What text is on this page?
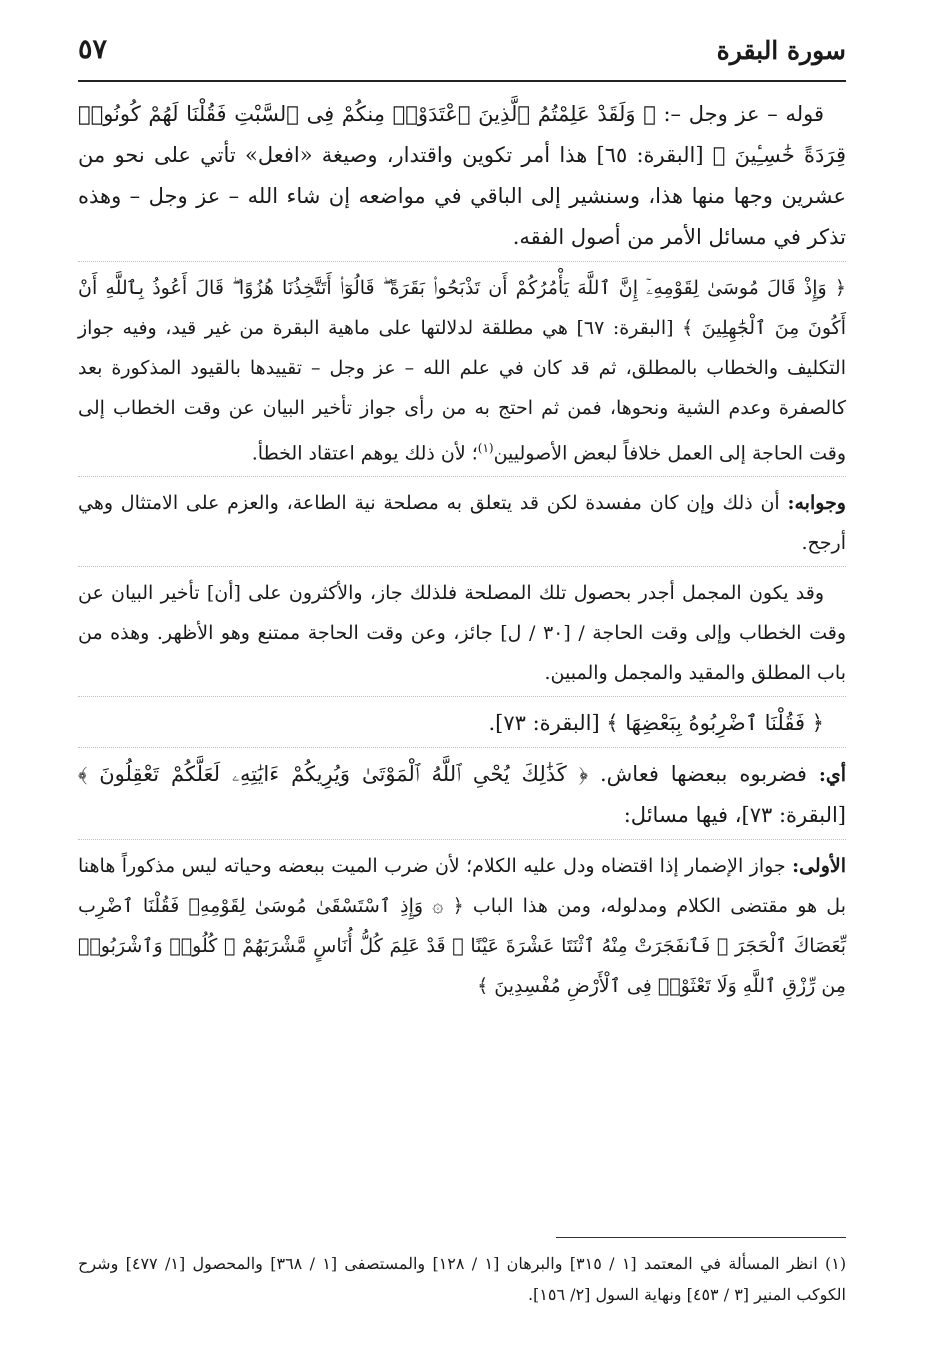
سورة البقرة
٥٧

قوله – عز وجل –: ﴿ وَلَقَدْ عَلِمْتُمُ ٱلَّذِينَ ٱعْتَدَوْا۟ مِنكُمْ فِى ٱلسَّبْتِ فَقُلْنَا لَهُمْ كُونُوا۟ قِرَدَةً خَٰسِـِٔينَ ﴾ [البقرة: ٦٥] هذا أمر تكوين واقتدار، وصيغة «افعل» تأتي على نحو من عشرين وجها منها هذا، وسنشير إلى الباقي في مواضعه إن شاء الله – عز وجل – وهذه تذكر في مسائل الأمر من أصول الفقه.

﴿ وَإِذْ قَالَ مُوسَىٰ لِقَوْمِهِۦٓ إِنَّ ٱللَّهَ يَأْمُرُكُمْ أَن تَذْبَحُوا۟ بَقَرَةً ۖ قَالُوٓا۟ أَتَتَّخِذُنَا هُزُوًا ۖ قَالَ أَعُوذُ بِٱللَّهِ أَنْ أَكُونَ مِنَ ٱلْجَٰهِلِينَ ﴾ [البقرة: ٦٧] هي مطلقة لدلالتها على ماهية البقرة من غير قيد، وفيه جواز التكليف والخطاب بالمطلق، ثم قد كان في علم الله – عز وجل – تقييدها بالقيود المذكورة بعد كالصفرة وعدم الشية ونحوها، فمن ثم احتج به من رأى جواز تأخير البيان عن وقت الخطاب إلى وقت الحاجة إلى العمل خلافاً لبعض الأصوليين$^{(١)}$؛ لأن ذلك يوهم اعتقاد الخطأ.

وجوابه: أن ذلك وإن كان مفسدة لكن قد يتعلق به مصلحة نية الطاعة، والعزم على الامتثال وهي أرجح.

وقد يكون المجمل أجدر بحصول تلك المصلحة فلذلك جاز، والأكثرون على [أن] تأخير البيان عن وقت الخطاب وإلى وقت الحاجة / [٣٠ / ل] جائز، وعن وقت الحاجة ممتنع وهو الأظهر. وهذه من باب المطلق والمقيد والمجمل والمبين.

﴿ فَقُلْنَا ٱضْرِبُوهُ بِبَعْضِهَا ﴾ [البقرة: ٧٣].

أي: فضربوه ببعضها فعاش. ﴿ كَذَٰلِكَ يُحْىِ ٱللَّهُ ٱلْمَوْتَىٰ وَيُرِيكُمْ ءَايَٰتِهِۦ لَعَلَّكُمْ تَعْقِلُونَ ﴾ [البقرة: ٧٣]، فيها مسائل:

الأولى: جواز الإضمار إذا اقتضاه ودل عليه الكلام؛ لأن ضرب الميت ببعضه وحياته ليس مذكوراً هاهنا بل هو مقتضى الكلام ومدلوله، ومن هذا الباب ﴿ ۞ وَإِذِ ٱسْتَسْقَىٰ مُوسَىٰ لِقَوْمِهِۦ فَقُلْنَا ٱضْرِب بِّعَصَاكَ ٱلْحَجَرَ ۖ فَٱنفَجَرَتْ مِنْهُ ٱثْنَتَا عَشْرَةَ عَيْنًا ۖ قَدْ عَلِمَ كُلُّ أُنَاسٍ مَّشْرَبَهُمْ ۖ كُلُوا۟ وَٱشْرَبُوا۟ مِن رِّزْقِ ٱللَّهِ وَلَا تَعْثَوْا۟ فِى ٱلْأَرْضِ مُفْسِدِينَ ﴾

(١) انظر المسألة في المعتمد [١ / ٣١٥] والبرهان [١ / ١٢٨] والمستصفى [١ / ٣٦٨] والمحصول [١/ ٤٧٧] وشرح الكوكب المنير [٣ / ٤٥٣] ونهاية السول [٢/ ١٥٦].
